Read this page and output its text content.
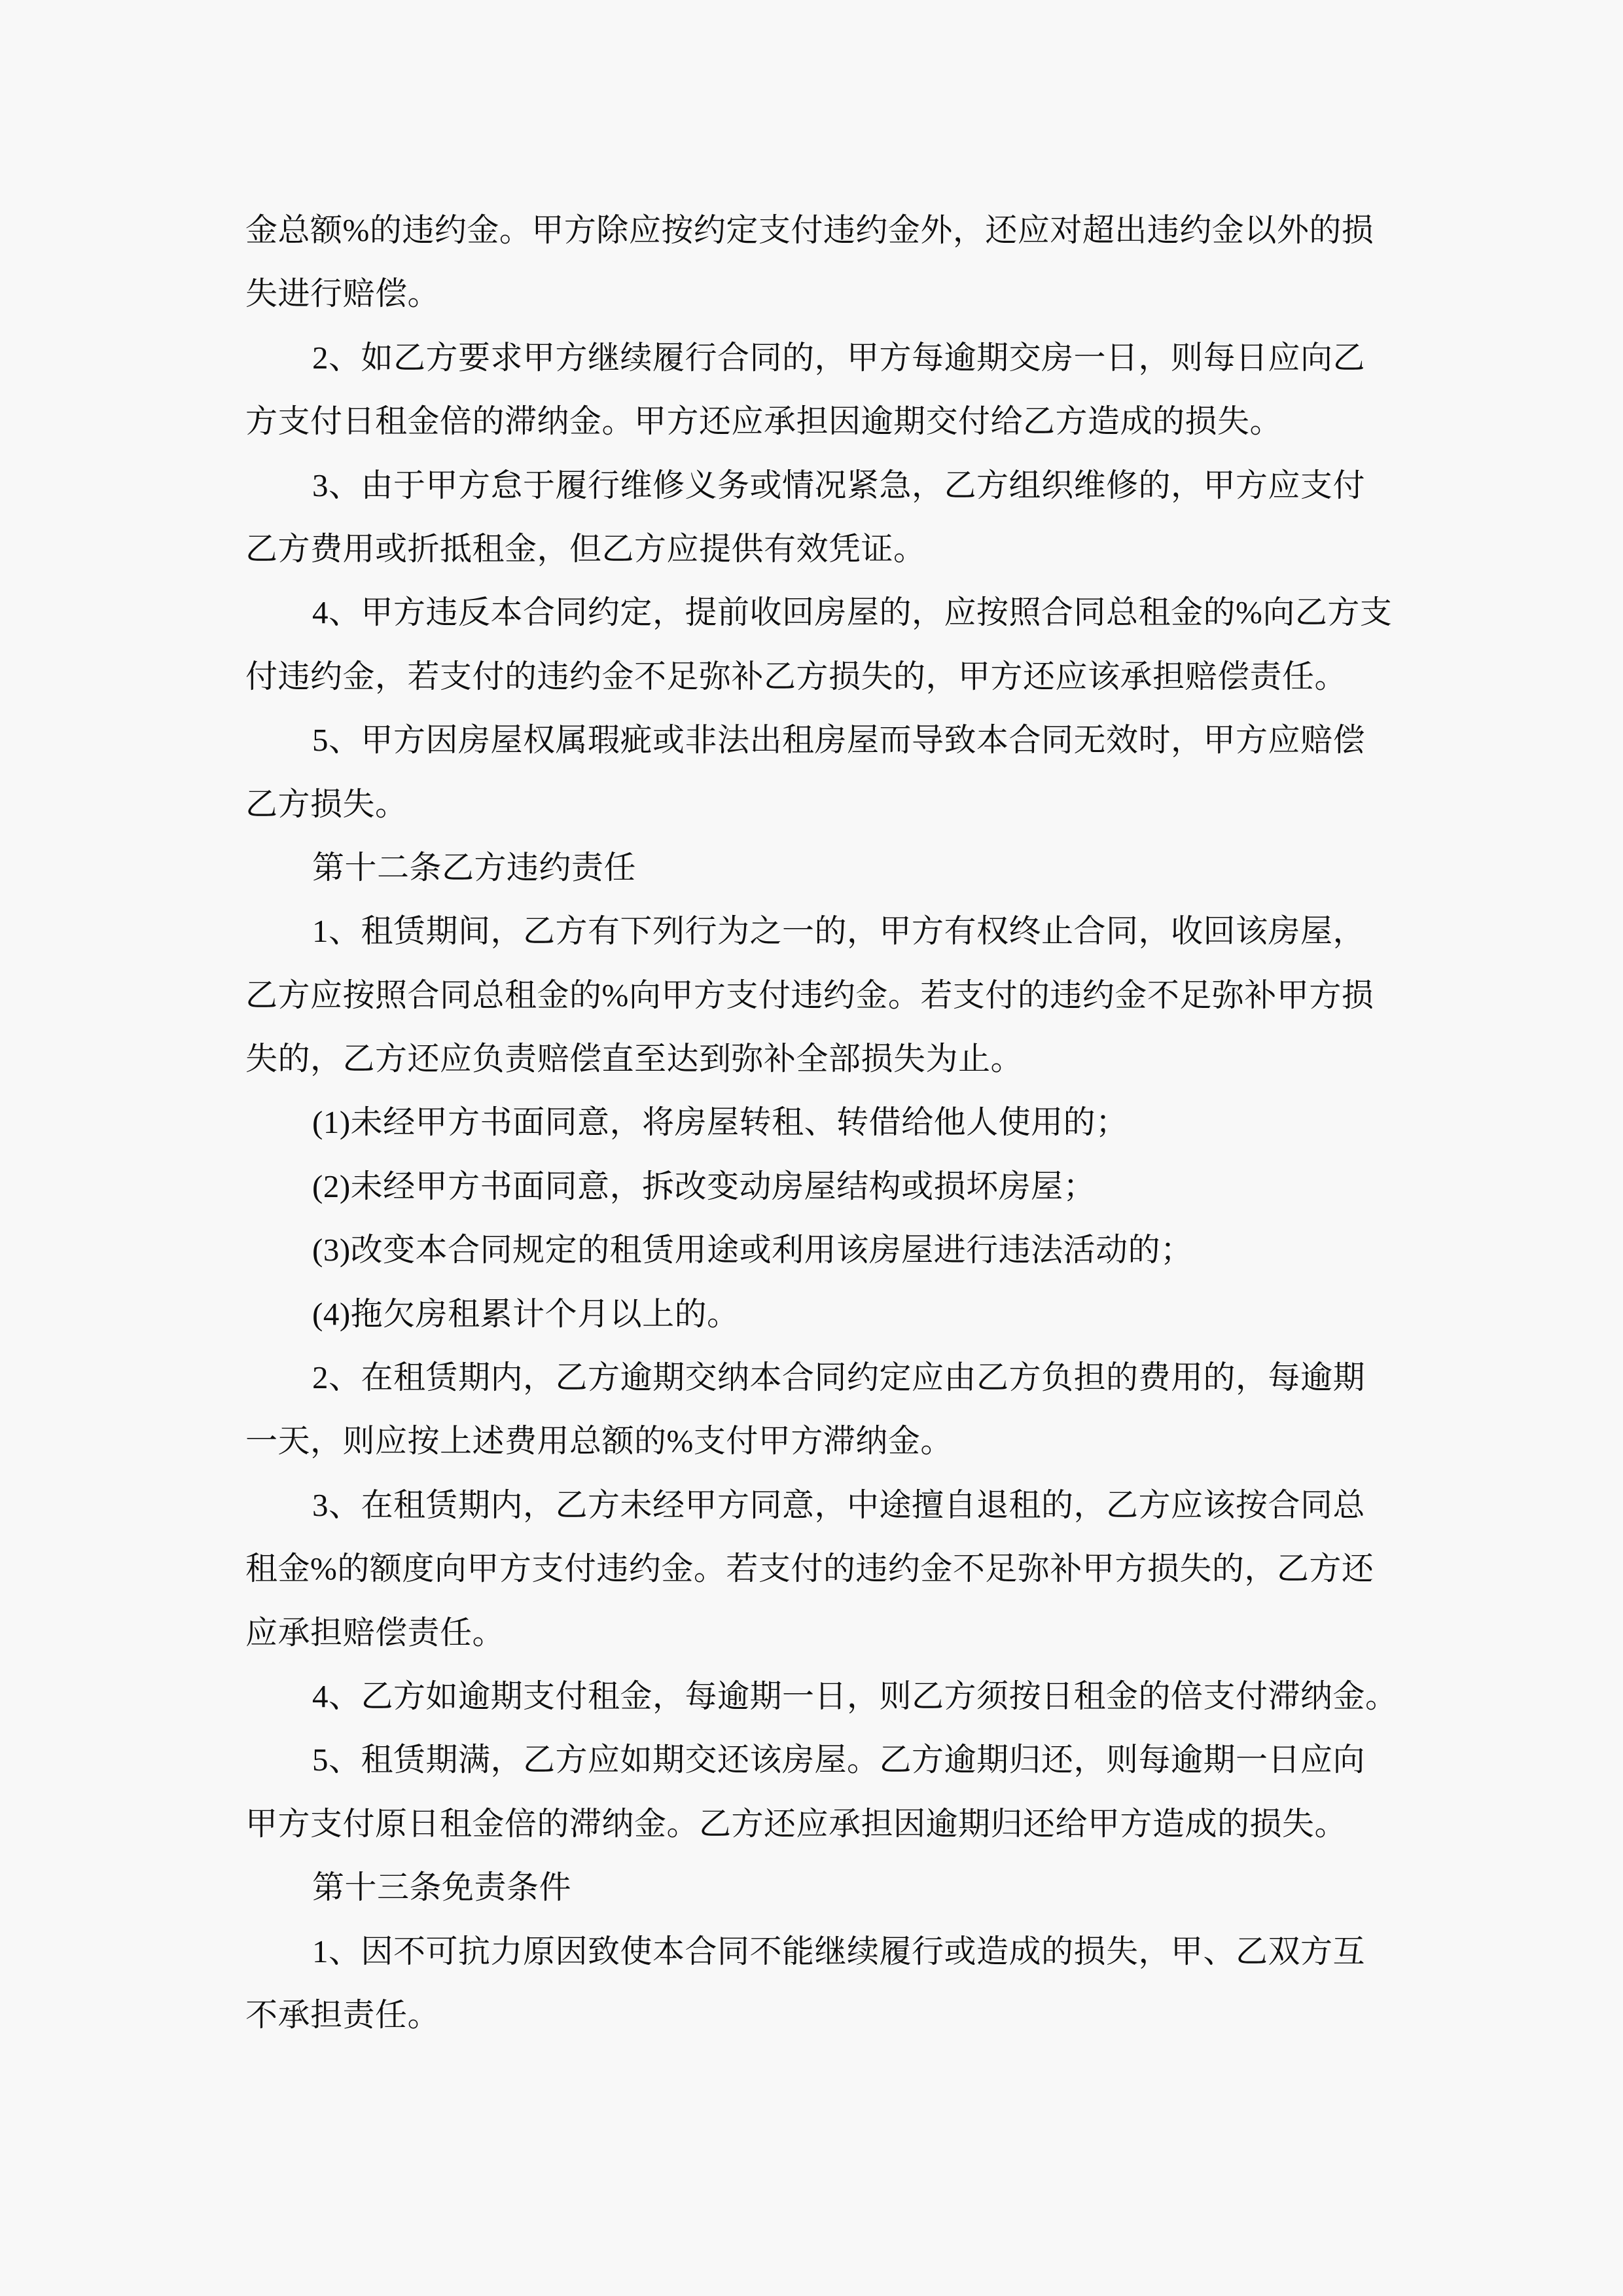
金总额%的违约金。甲方除应按约定支付违约金外，还应对超出违约金以外的损
失进行赔偿。
2、如乙方要求甲方继续履行合同的，甲方每逾期交房一日，则每日应向乙
方支付日租金倍的滞纳金。甲方还应承担因逾期交付给乙方造成的损失。
3、由于甲方怠于履行维修义务或情况紧急，乙方组织维修的，甲方应支付
乙方费用或折抵租金，但乙方应提供有效凭证。
4、甲方违反本合同约定，提前收回房屋的，应按照合同总租金的%向乙方支
付违约金，若支付的违约金不足弥补乙方损失的，甲方还应该承担赔偿责任。
5、甲方因房屋权属瑕疵或非法出租房屋而导致本合同无效时，甲方应赔偿
乙方损失。
第十二条乙方违约责任
1、租赁期间，乙方有下列行为之一的，甲方有权终止合同，收回该房屋，
乙方应按照合同总租金的%向甲方支付违约金。若支付的违约金不足弥补甲方损
失的，乙方还应负责赔偿直至达到弥补全部损失为止。
(1)未经甲方书面同意，将房屋转租、转借给他人使用的；
(2)未经甲方书面同意，拆改变动房屋结构或损坏房屋；
(3)改变本合同规定的租赁用途或利用该房屋进行违法活动的；
(4)拖欠房租累计个月以上的。
2、在租赁期内，乙方逾期交纳本合同约定应由乙方负担的费用的，每逾期
一天，则应按上述费用总额的%支付甲方滞纳金。
3、在租赁期内，乙方未经甲方同意，中途擅自退租的，乙方应该按合同总
租金%的额度向甲方支付违约金。若支付的违约金不足弥补甲方损失的，乙方还
应承担赔偿责任。
4、乙方如逾期支付租金，每逾期一日，则乙方须按日租金的倍支付滞纳金。
5、租赁期满，乙方应如期交还该房屋。乙方逾期归还，则每逾期一日应向
甲方支付原日租金倍的滞纳金。乙方还应承担因逾期归还给甲方造成的损失。
第十三条免责条件
1、因不可抗力原因致使本合同不能继续履行或造成的损失，甲、乙双方互
不承担责任。
